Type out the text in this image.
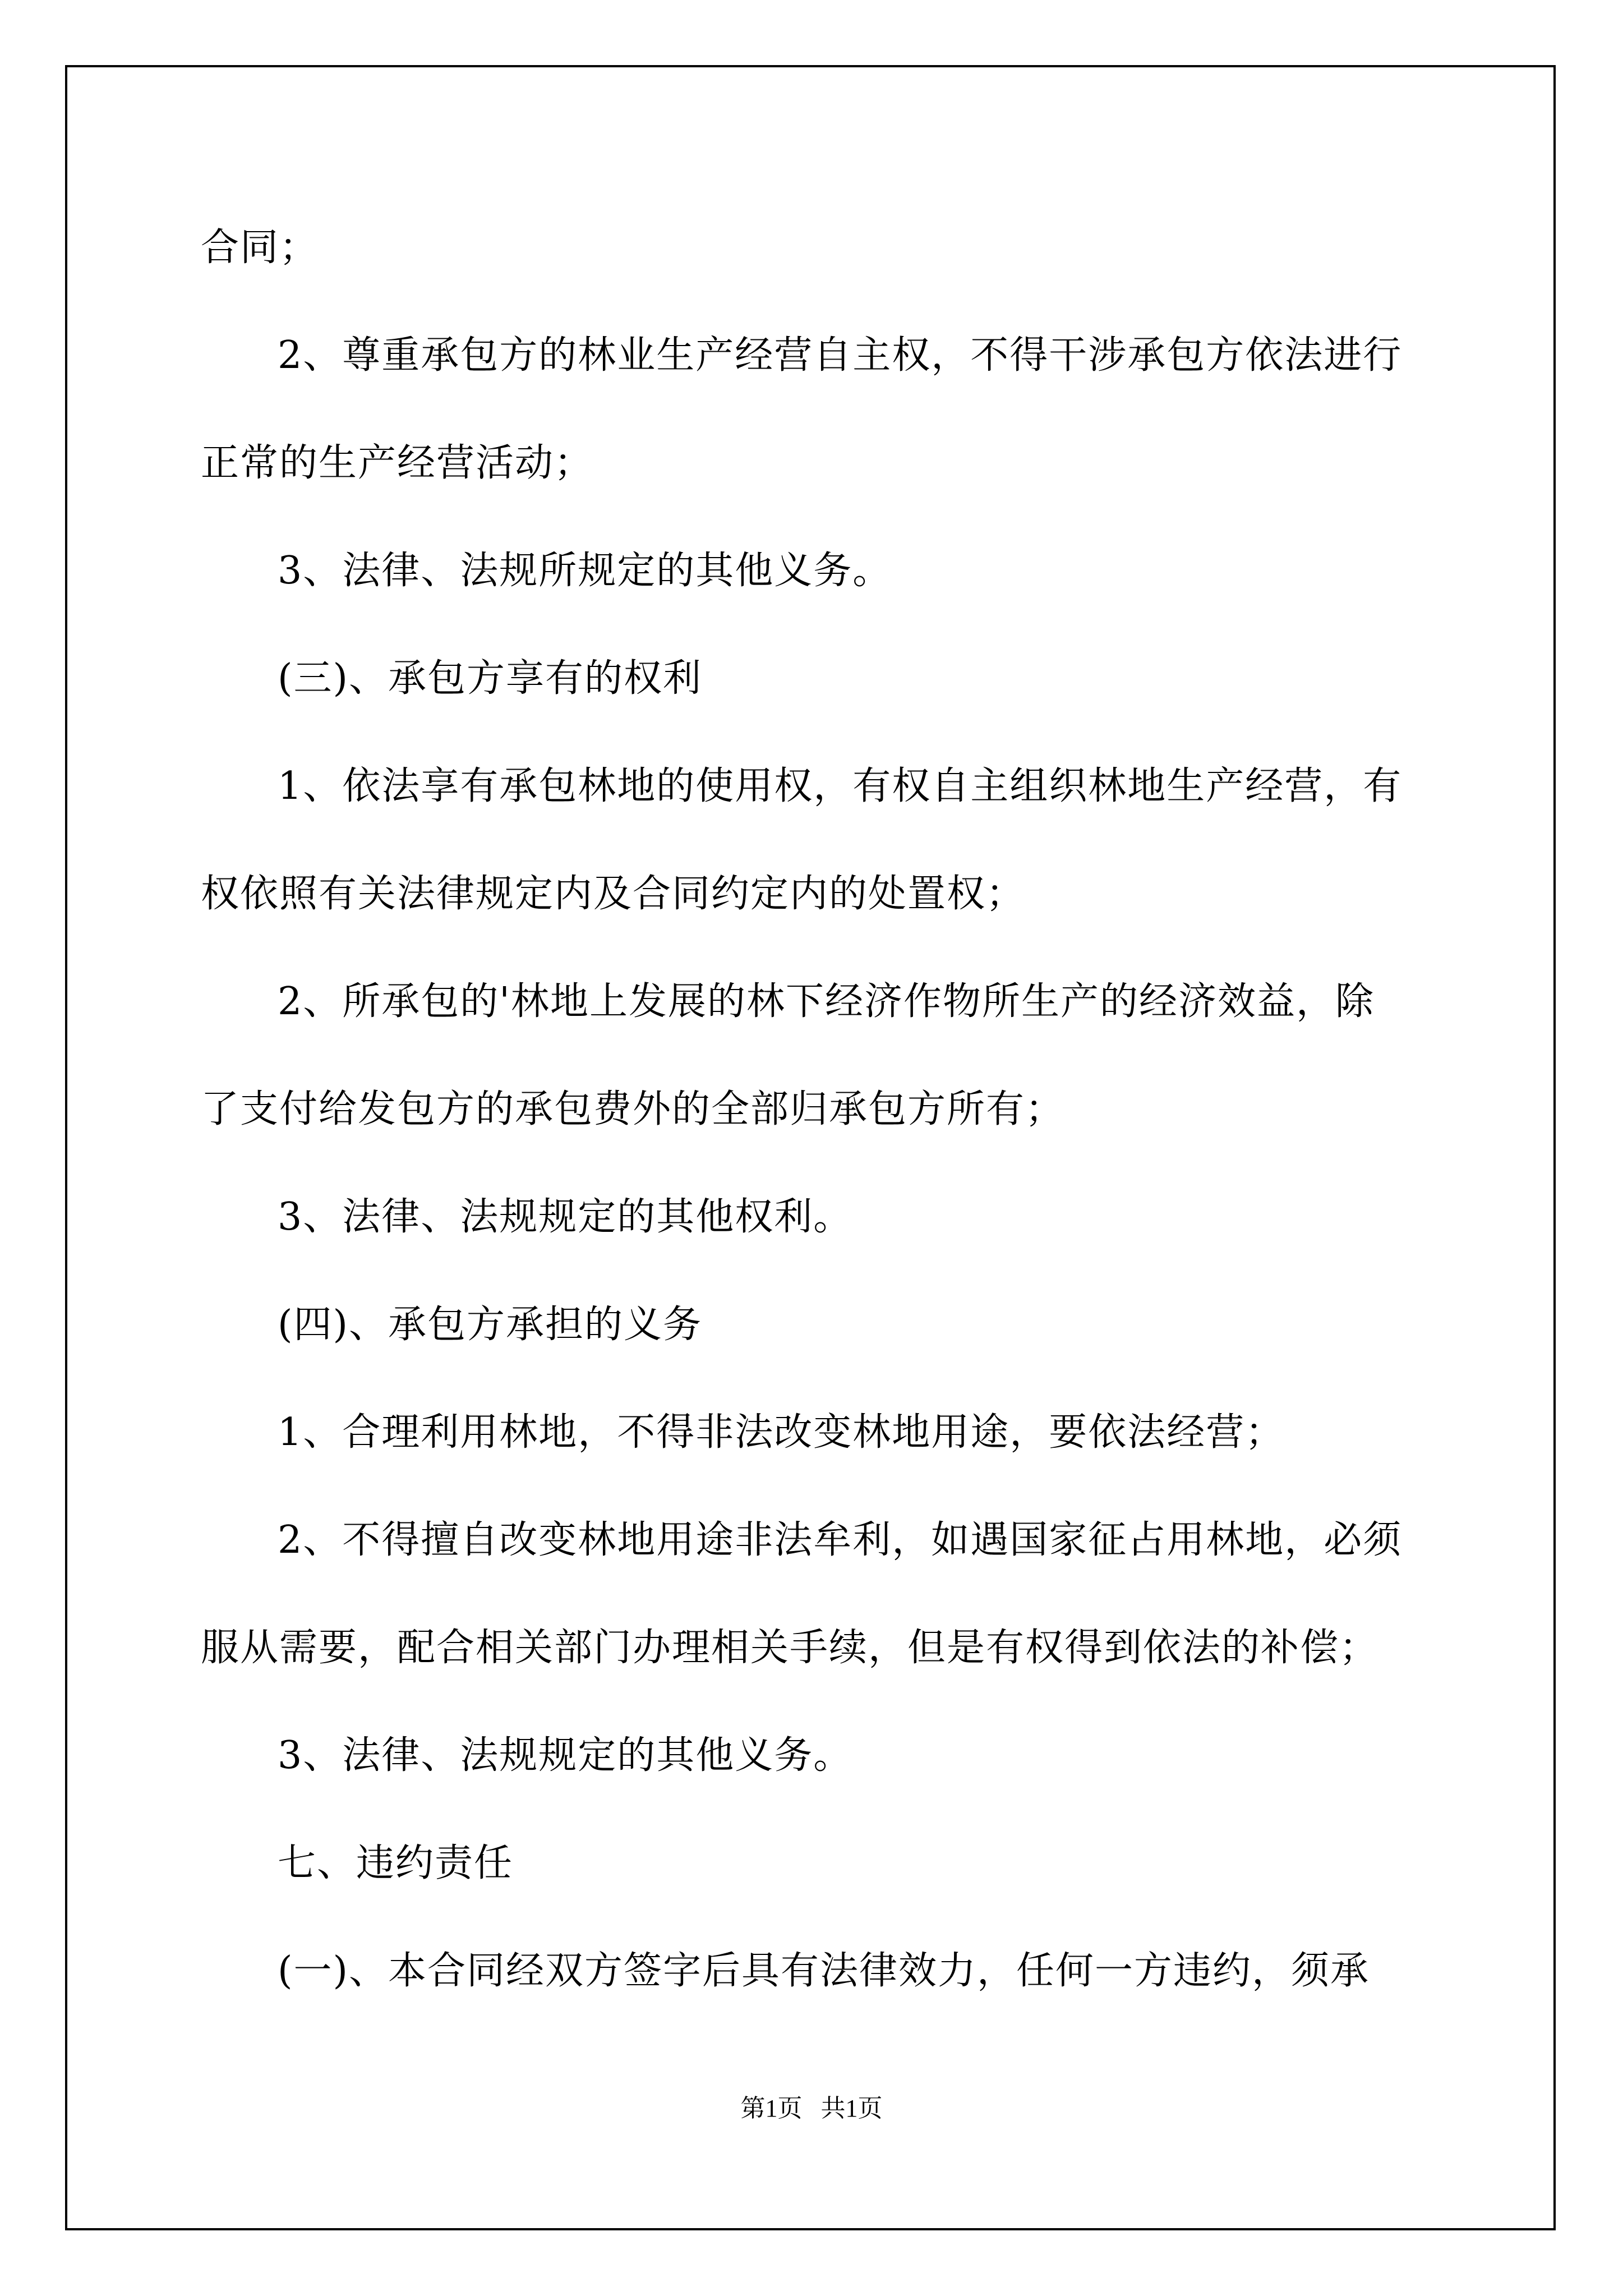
合同；
2、尊重承包方的林业生产经营自主权，不得干涉承包方依法进行
正常的生产经营活动；
3、法律、法规所规定的其他义务。
(三)、承包方享有的权利
1、依法享有承包林地的使用权，有权自主组织林地生产经营，有
权依照有关法律规定内及合同约定内的处置权；
2、所承包的'林地上发展的林下经济作物所生产的经济效益，除
了支付给发包方的承包费外的全部归承包方所有；
3、法律、法规规定的其他权利。
(四)、承包方承担的义务
1、合理利用林地，不得非法改变林地用途，要依法经营；
2、不得擅自改变林地用途非法牟利，如遇国家征占用林地，必须
服从需要，配合相关部门办理相关手续，但是有权得到依法的补偿；
3、法律、法规规定的其他义务。
七、违约责任
(一)、本合同经双方签字后具有法律效力，任何一方违约，须承
第1页   共1页
